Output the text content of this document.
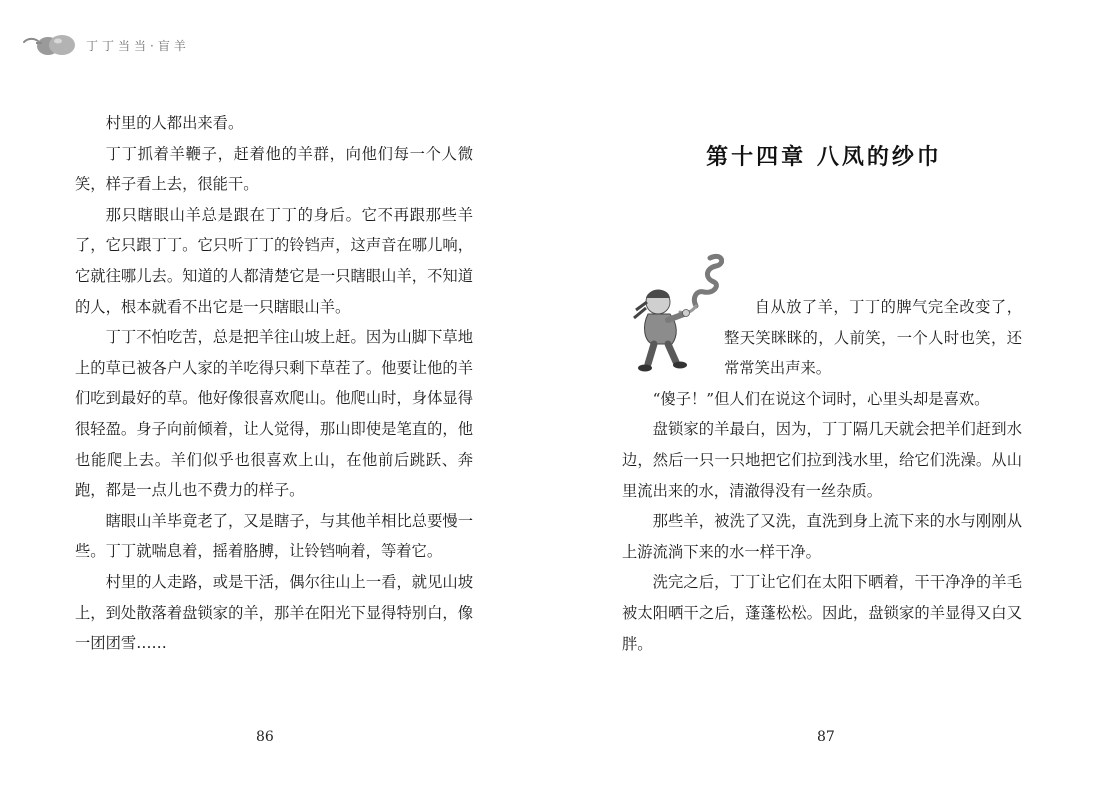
丁丁当当·盲羊

村里的人都出来看。

丁丁抓着羊鞭子，赶着他的羊群，向他们每一个人微笑，样子看上去，很能干。

那只瞎眼山羊总是跟在丁丁的身后。它不再跟那些羊了，它只跟丁丁。它只听丁丁的铃铛声，这声音在哪儿响，它就往哪儿去。知道的人都清楚它是一只瞎眼山羊，不知道的人，根本就看不出它是一只瞎眼山羊。

丁丁不怕吃苦，总是把羊往山坡上赶。因为山脚下草地上的草已被各户人家的羊吃得只剩下草茬了。他要让他的羊们吃到最好的草。他好像很喜欢爬山。他爬山时，身体显得很轻盈。身子向前倾着，让人觉得，那山即使是笔直的，他也能爬上去。羊们似乎也很喜欢上山，在他前后跳跃、奔跑，都是一点儿也不费力的样子。

瞎眼山羊毕竟老了，又是瞎子，与其他羊相比总要慢一些。丁丁就喘息着，摇着胳膊，让铃铛响着，等着它。

村里的人走路，或是干活，偶尔往山上一看，就见山坡上，到处散落着盘锁家的羊，那羊在阳光下显得特别白，像一团团雪……

第十四章 八凤的纱巾

自从放了羊，丁丁的脾气完全改变了，整天笑眯眯的，人前笑，一个人时也笑，还常常笑出声来。

“傻子！”但人们在说这个词时，心里头却是喜欢。

盘锁家的羊最白，因为，丁丁隔几天就会把羊们赶到水边，然后一只一只地把它们拉到浅水里，给它们洗澡。从山里流出来的水，清澈得没有一丝杂质。

那些羊，被洗了又洗，直洗到身上流下来的水与刚刚从上游流淌下来的水一样干净。

洗完之后，丁丁让它们在太阳下晒着，干干净净的羊毛被太阳晒干之后，蓬蓬松松。因此，盘锁家的羊显得又白又胖。

86	87
